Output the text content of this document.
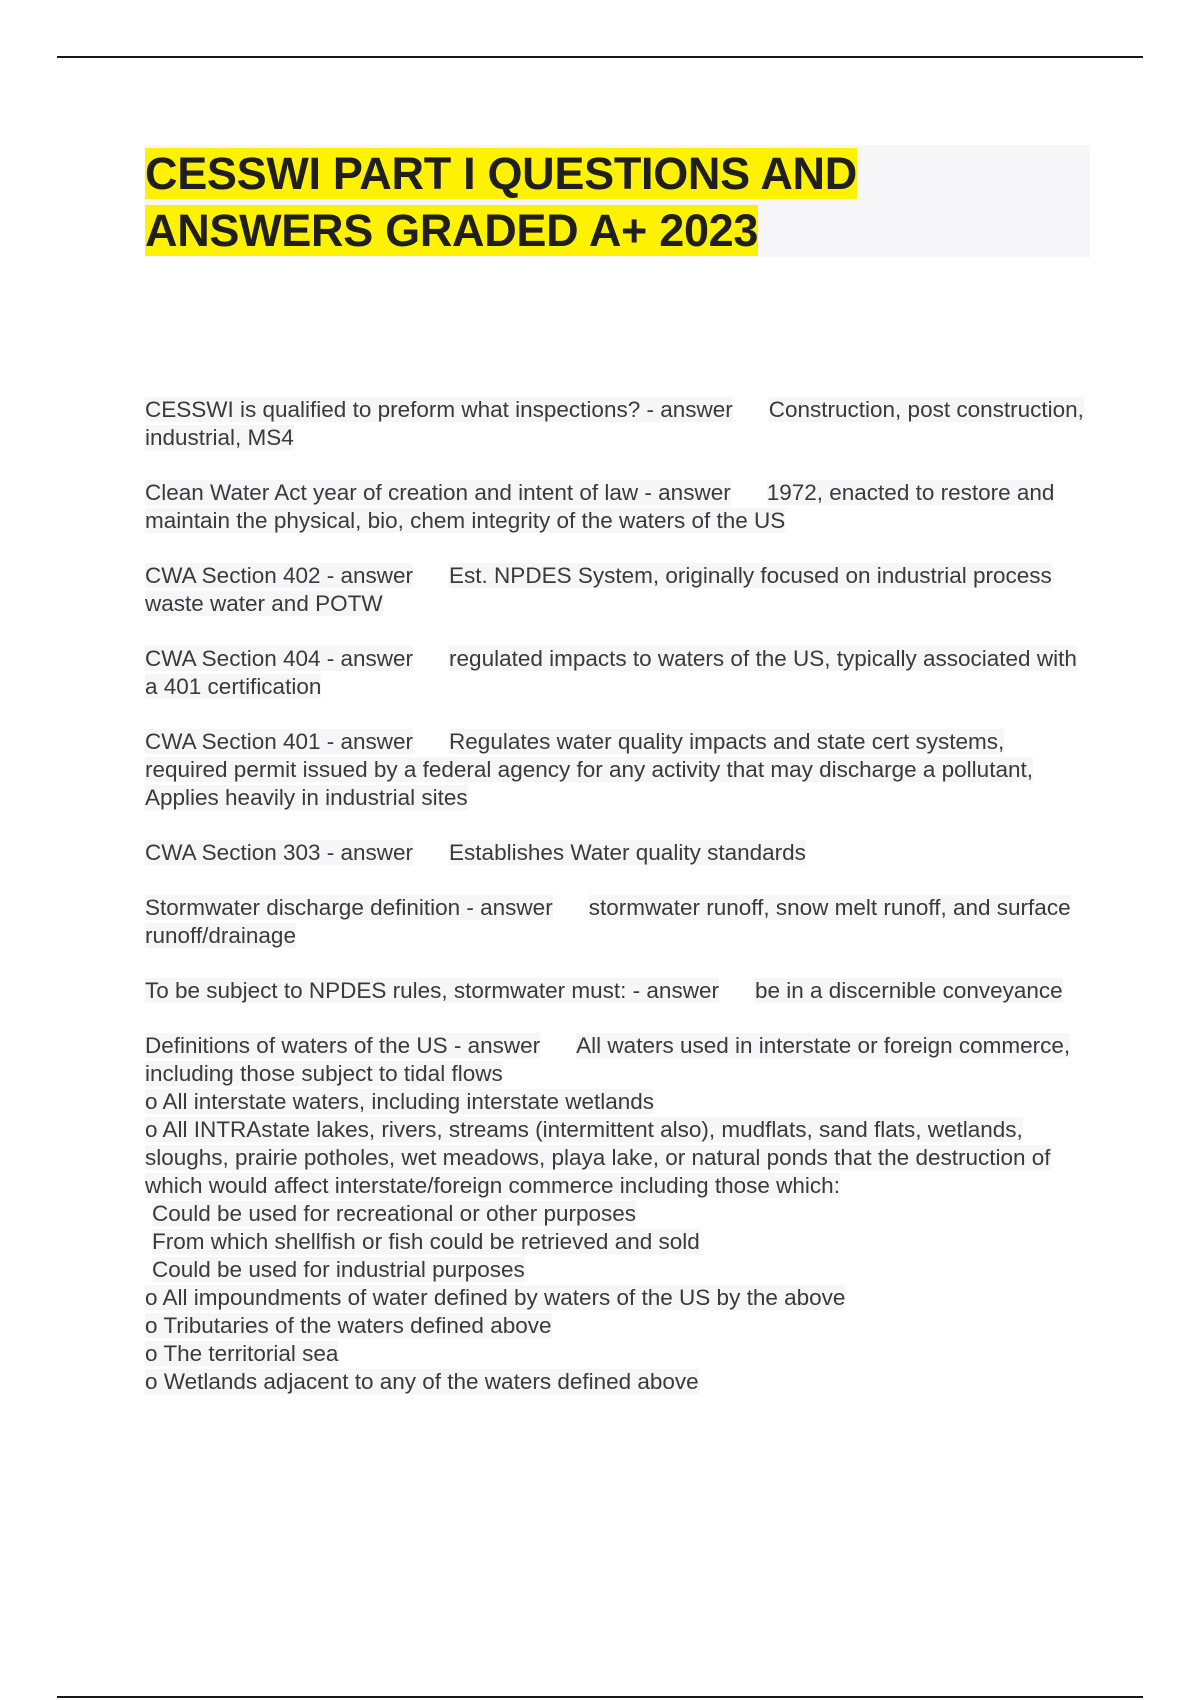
CESSWI PART I QUESTIONS AND
ANSWERS GRADED A+ 2023

CESSWI is qualified to preform what inspections? - answer Construction, post construction, industrial, MS4

Clean Water Act year of creation and intent of law - answer 1972, enacted to restore and maintain the physical, bio, chem integrity of the waters of the US

CWA Section 402 - answer Est. NPDES System, originally focused on industrial process waste water and POTW

CWA Section 404 - answer regulated impacts to waters of the US, typically associated with a 401 certification

CWA Section 401 - answer Regulates water quality impacts and state cert systems, required permit issued by a federal agency for any activity that may discharge a pollutant, Applies heavily in industrial sites

CWA Section 303 - answer Establishes Water quality standards

Stormwater discharge definition - answer stormwater runoff, snow melt runoff, and surface runoff/drainage

To be subject to NPDES rules, stormwater must: - answer be in a discernible conveyance

Definitions of waters of the US - answer All waters used in interstate or foreign commerce, including those subject to tidal flows
o All interstate waters, including interstate wetlands
o All INTRAstate lakes, rivers, streams (intermittent also), mudflats, sand flats, wetlands, sloughs, prairie potholes, wet meadows, playa lake, or natural ponds that the destruction of which would affect interstate/foreign commerce including those which:
Could be used for recreational or other purposes
From which shellfish or fish could be retrieved and sold
Could be used for industrial purposes
o All impoundments of water defined by waters of the US by the above
o Tributaries of the waters defined above
o The territorial sea
o Wetlands adjacent to any of the waters defined above
